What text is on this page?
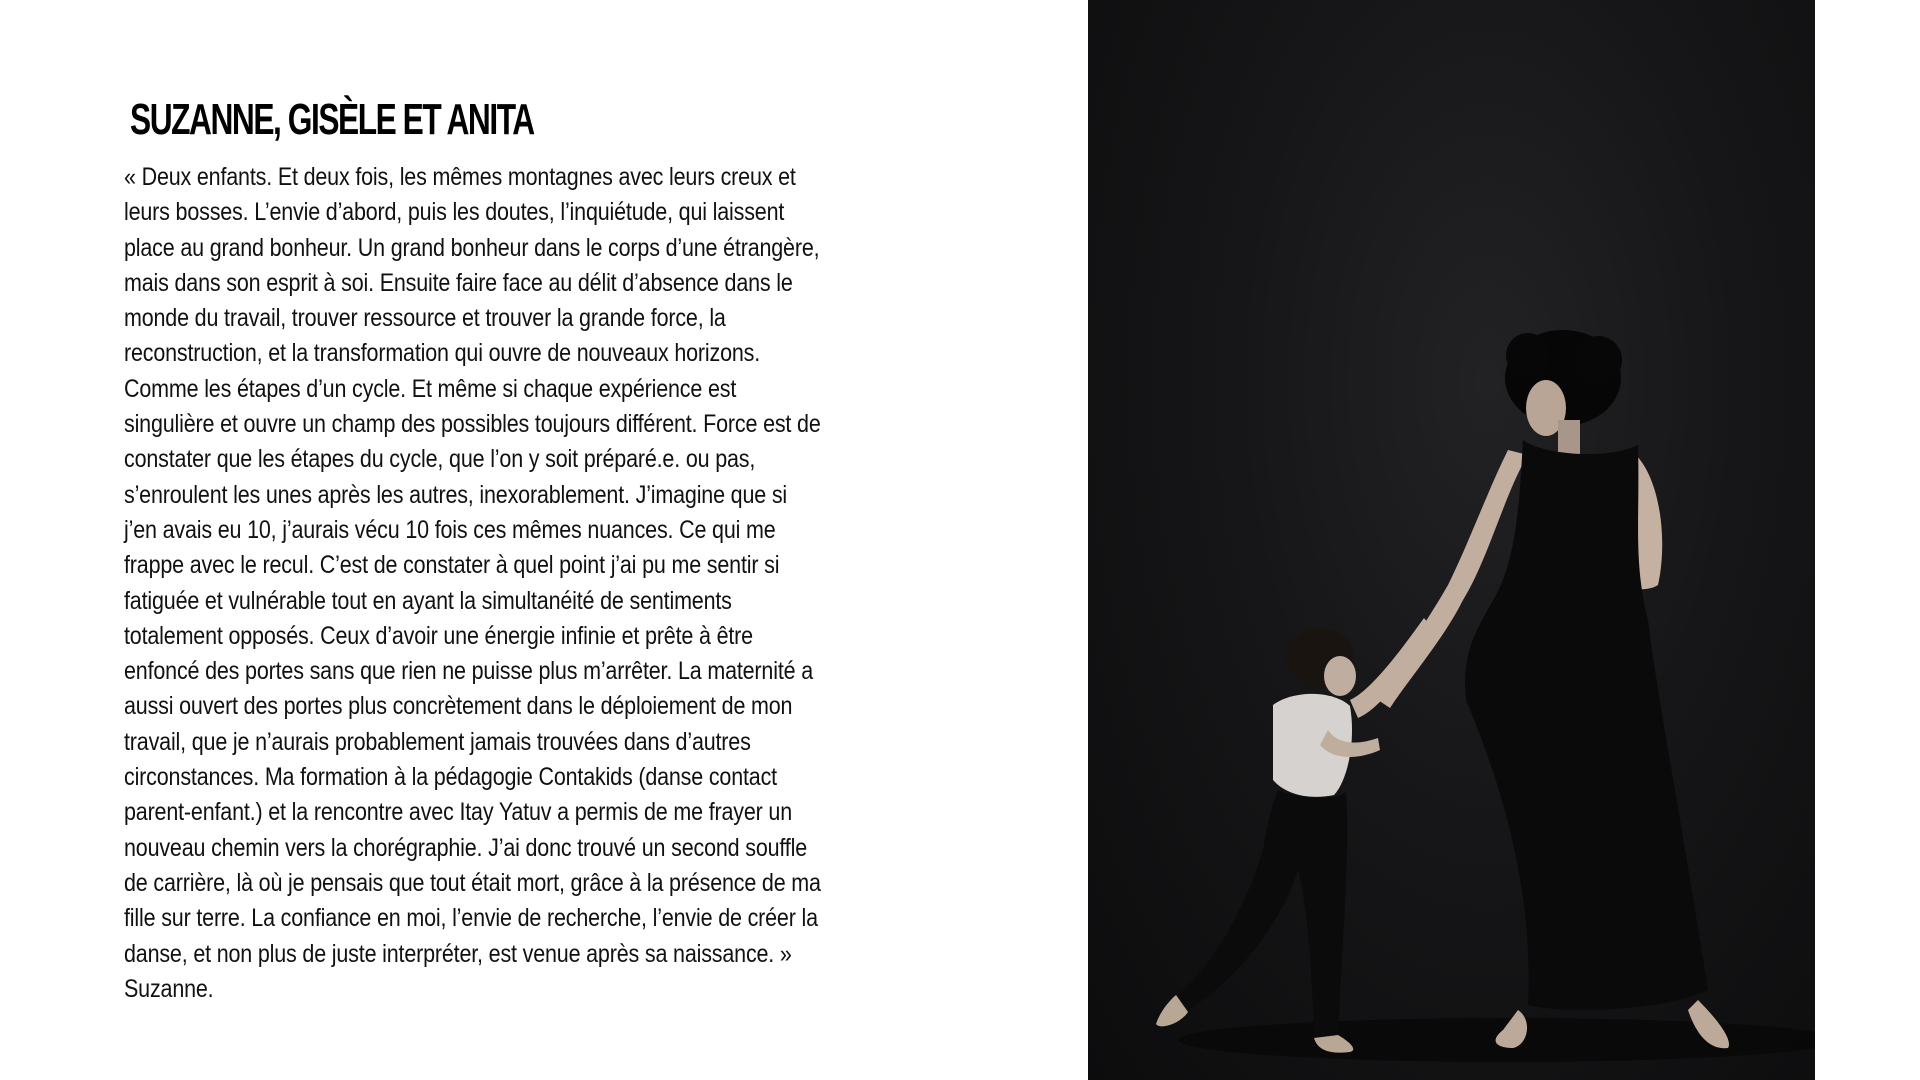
SUZANNE, GISÈLE ET ANITA

« Deux enfants. Et deux fois, les mêmes montagnes avec leurs creux et
leurs bosses. L’envie d’abord, puis les doutes, l’inquiétude, qui laissent
place au grand bonheur. Un grand bonheur dans le corps d’une étrangère,
mais dans son esprit à soi. Ensuite faire face au délit d’absence dans le
monde du travail, trouver ressource et trouver la grande force, la
reconstruction, et la transformation qui ouvre de nouveaux horizons.
Comme les étapes d’un cycle. Et même si chaque expérience est
singulière et ouvre un champ des possibles toujours différent. Force est de
constater que les étapes du cycle, que l’on y soit préparé.e. ou pas,
s’enroulent les unes après les autres, inexorablement. J’imagine que si
j’en avais eu 10, j’aurais vécu 10 fois ces mêmes nuances. Ce qui me
frappe avec le recul. C’est de constater à quel point j’ai pu me sentir si
fatiguée et vulnérable tout en ayant la simultanéité de sentiments
totalement opposés. Ceux d’avoir une énergie infinie et prête à être
enfoncé des portes sans que rien ne puisse plus m’arrêter. La maternité a
aussi ouvert des portes plus concrètement dans le déploiement de mon
travail, que je n’aurais probablement jamais trouvées dans d’autres
circonstances. Ma formation à la pédagogie Contakids (danse contact
parent-enfant.) et la rencontre avec Itay Yatuv a permis de me frayer un
nouveau chemin vers la chorégraphie. J’ai donc trouvé un second souffle
de carrière, là où je pensais que tout était mort, grâce à la présence de ma
fille sur terre. La confiance en moi, l’envie de recherche, l’envie de créer la
danse, et non plus de juste interpréter, est venue après sa naissance. »
Suzanne.
